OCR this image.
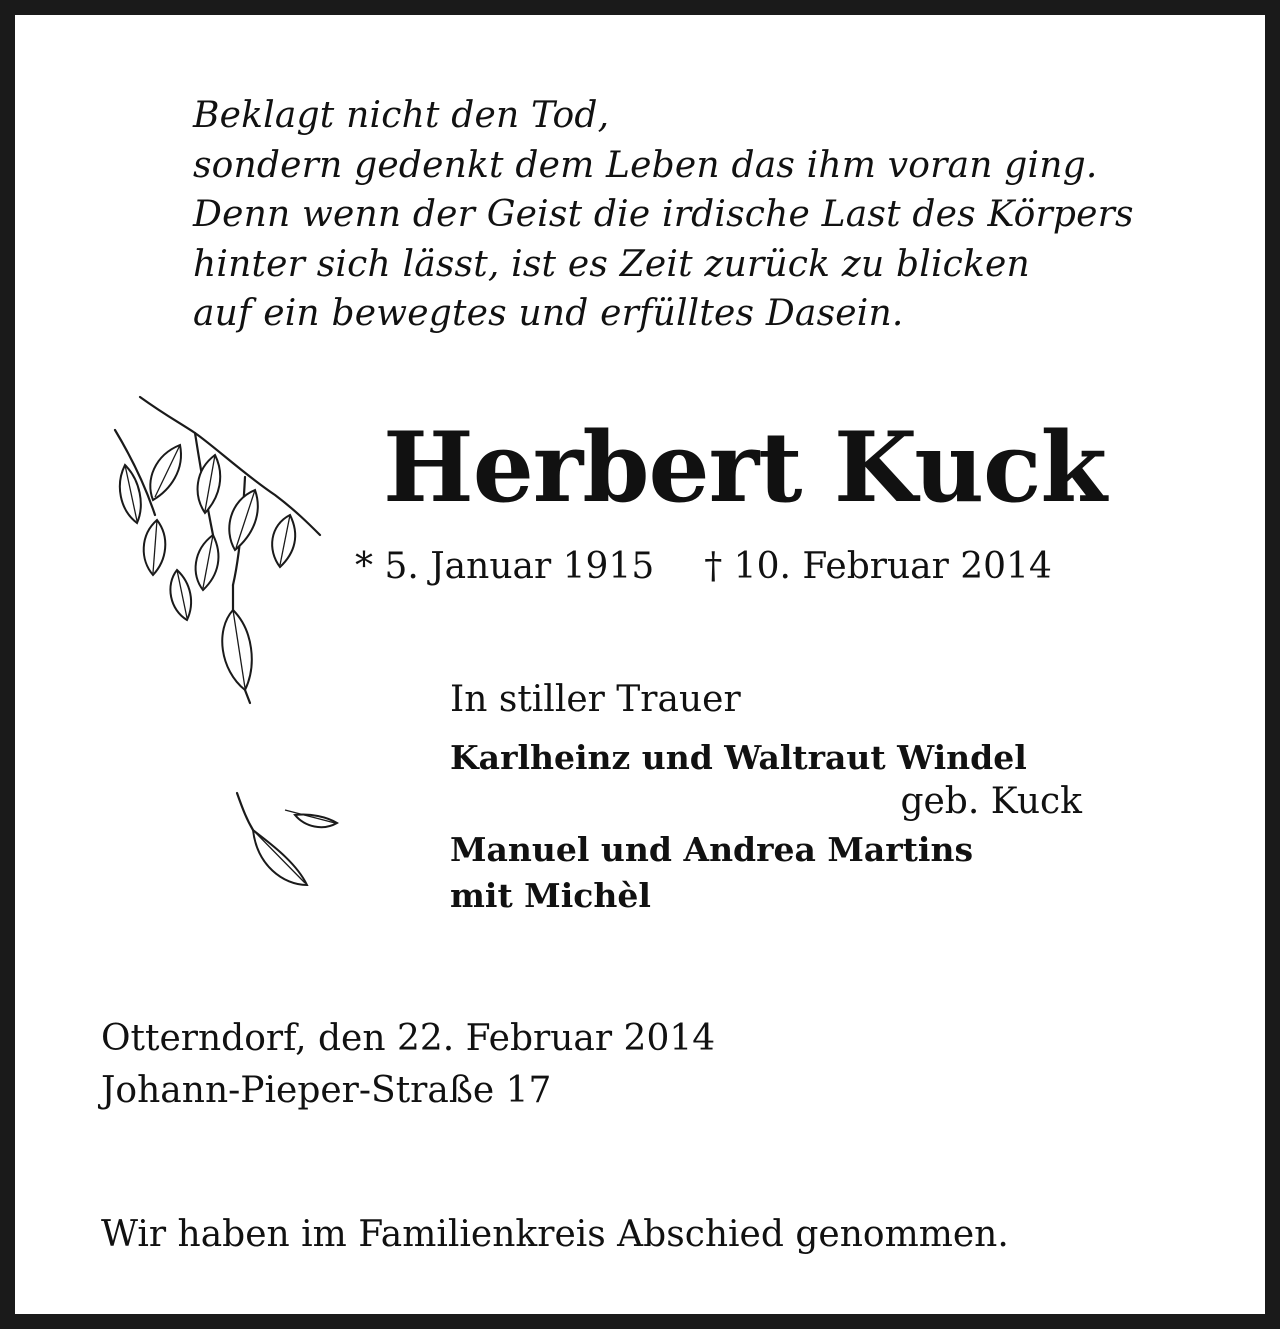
Beklagt nicht den Tod,
sondern gedenkt dem Leben das ihm voran ging.
Denn wenn der Geist die irdische Last des Körpers
hinter sich lässt, ist es Zeit zurück zu blicken
auf ein bewegtes und erfülltes Dasein.
Herbert Kuck
* 5. Januar 1915 † 10. Februar 2014
In stiller Trauer
Karlheinz und Waltraut Windel
geb. Kuck
Manuel und Andrea Martins
mit Michèl
Otterndorf, den 22. Februar 2014
Johann-Pieper-Straße 17
Wir haben im Familienkreis Abschied genommen.
